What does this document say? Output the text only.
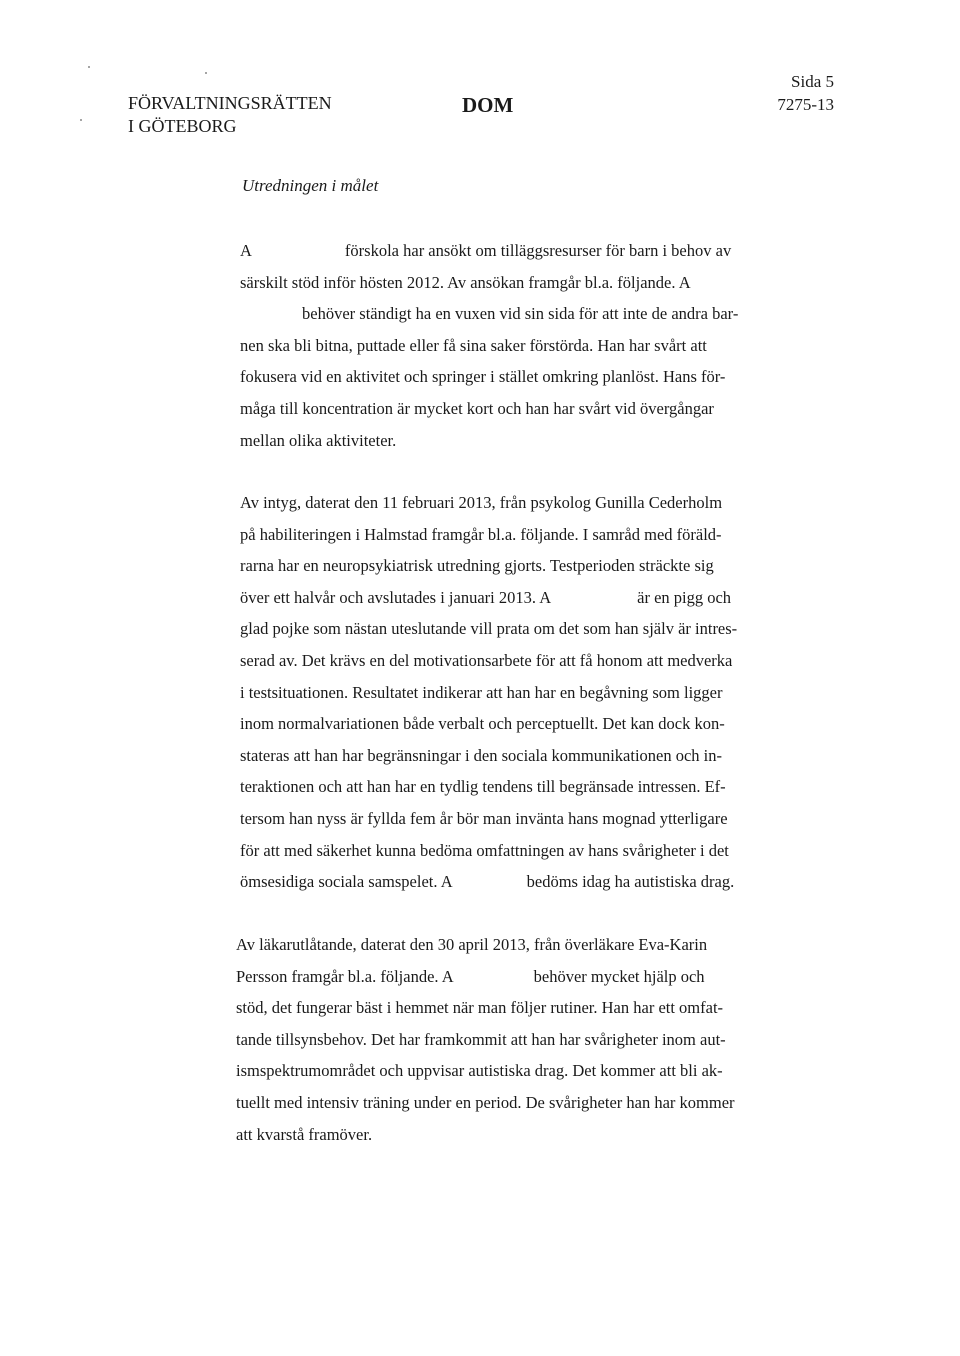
FÖRVALTNINGSRÄTTEN
I GÖTEBORG
DOM
Sida 5
7275-13
Utredningen i målet
A	förskola har ansökt om tilläggsresurser för barn i behov av
särskilt stöd inför hösten 2012. Av ansökan framgår bl.a. följande. A
behöver ständigt ha en vuxen vid sin sida för att inte de andra bar-
nen ska bli bitna, puttade eller få sina saker förstörda. Han har svårt att
fokusera vid en aktivitet och springer i stället omkring planlöst. Hans för-
måga till koncentration är mycket kort och han har svårt vid övergångar
mellan olika aktiviteter.
Av intyg, daterat den 11 februari 2013, från psykolog Gunilla Cederholm
på habiliteringen i Halmstad framgår bl.a. följande. I samråd med föräld-
rarna har en neuropsykiatrisk utredning gjorts. Testperioden sträckte sig
över ett halvår och avslutades i januari 2013. A	är en pigg och
glad pojke som nästan uteslutande vill prata om det som han själv är intres-
serad av. Det krävs en del motivationsarbete för att få honom att medverka
i testsituationen. Resultatet indikerar att han har en begåvning som ligger
inom normalvariationen både verbalt och perceptuellt. Det kan dock kon-
stateras att han har begränsningar i den sociala kommunikationen och in-
teraktionen och att han har en tydlig tendens till begränsade intressen. Ef-
tersom han nyss är fyllda fem år bör man invänta hans mognad ytterligare
för att med säkerhet kunna bedöma omfattningen av hans svårigheter i det
ömsesidiga sociala samspelet. A	bedöms idag ha autistiska drag.
Av läkarutlåtande, daterat den 30 april 2013, från överläkare Eva-Karin
Persson framgår bl.a. följande. A	behöver mycket hjälp och
stöd, det fungerar bäst i hemmet när man följer rutiner. Han har ett omfat-
tande tillsynsbehov. Det har framkommit att han har svårigheter inom aut-
ismspektrumområdet och uppvisar autistiska drag. Det kommer att bli ak-
tuellt med intensiv träning under en period. De svårigheter han har kommer
att kvarstå framöver.
